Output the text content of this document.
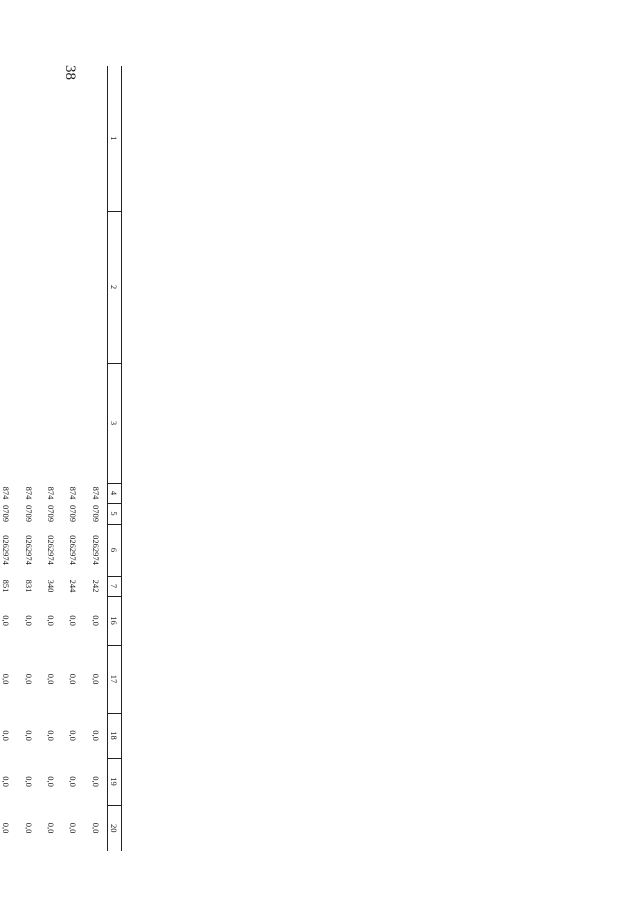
38
1	2	3	4	5	6	7	16	17	18	19	20
			874	0709	0262974	242	0,0	0,0	0,0	0,0	0,0
			874	0709	0262974	244	0,0	0,0	0,0	0,0	0,0
			874	0709	0262974	340	0,0	0,0	0,0	0,0	0,0
			874	0709	0262974	831	0,0	0,0	0,0	0,0	0,0
			874	0709	0262974	851	0,0	0,0	0,0	0,0	0,0
